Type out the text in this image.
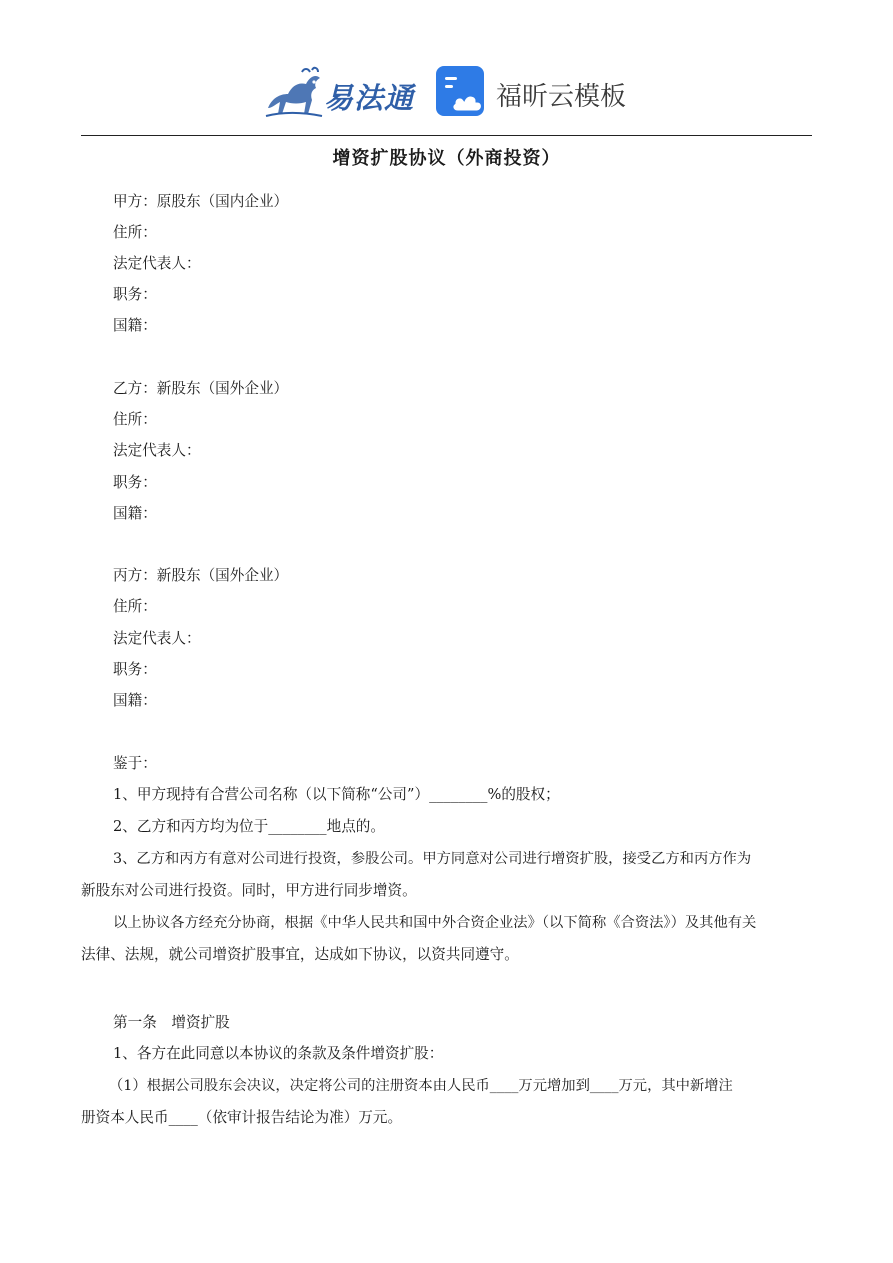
易法通	福昕云模板
增资扩股协议（外商投资）
甲方：原股东（国内企业）
住所：
法定代表人：
职务：
国籍：
乙方：新股东（国外企业）
住所：
法定代表人：
职务：
国籍：
丙方：新股东（国外企业）
住所：
法定代表人：
职务：
国籍：
鉴于：
1、甲方现持有合营公司名称（以下简称“公司”）________%的股权；
2、乙方和丙方均为位于________地点的。
3、乙方和丙方有意对公司进行投资，参股公司。甲方同意对公司进行增资扩股，接受乙方和丙方作为
新股东对公司进行投资。同时，甲方进行同步增资。
以上协议各方经充分协商，根据《中华人民共和国中外合资企业法》（以下简称《合资法》）及其他有关
法律、法规，就公司增资扩股事宜，达成如下协议，以资共同遵守。
第一条　增资扩股
1、各方在此同意以本协议的条款及条件增资扩股：
（1）根据公司股东会决议，决定将公司的注册资本由人民币____万元增加到____万元，其中新增注
册资本人民币____（依审计报告结论为准）万元。
